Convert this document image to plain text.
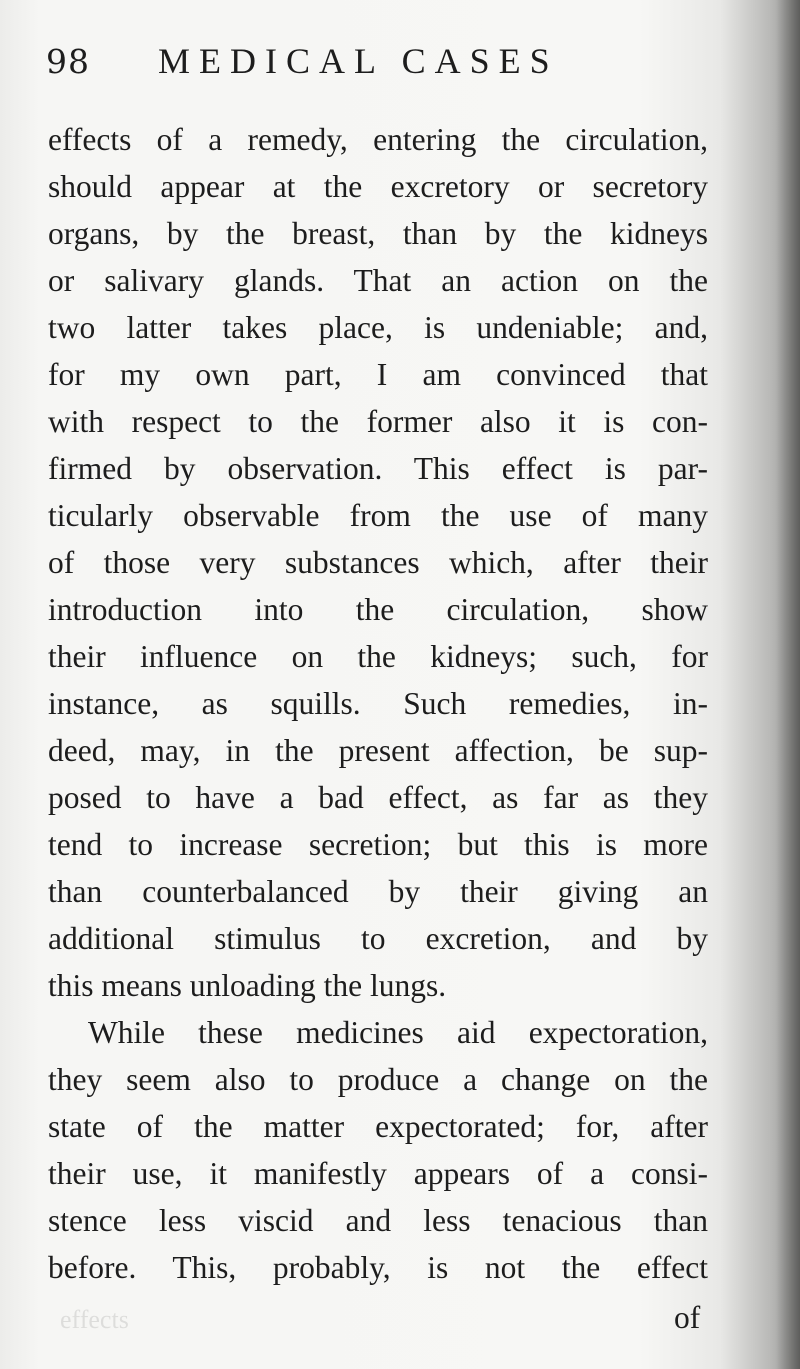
98 MEDICAL CASES
effects of a remedy, entering the circulation,
should appear at the excretory or secretory
organs, by the breast, than by the kidneys
or salivary glands. That an action on the
two latter takes place, is undeniable; and,
for my own part, I am convinced that
with respect to the former also it is con-
firmed by observation. This effect is par-
ticularly observable from the use of many
of those very substances which, after their
introduction into the circulation, show
their influence on the kidneys; such, for
instance, as squills. Such remedies, in-
deed, may, in the present affection, be sup-
posed to have a bad effect, as far as they
tend to increase secretion; but this is more
than counterbalanced by their giving an
additional stimulus to excretion, and by
this means unloading the lungs.
While these medicines aid expectoration,
they seem also to produce a change on the
state of the matter expectorated; for, after
their use, it manifestly appears of a consi-
stence less viscid and less tenacious than
before. This, probably, is not the effect
effects	of
